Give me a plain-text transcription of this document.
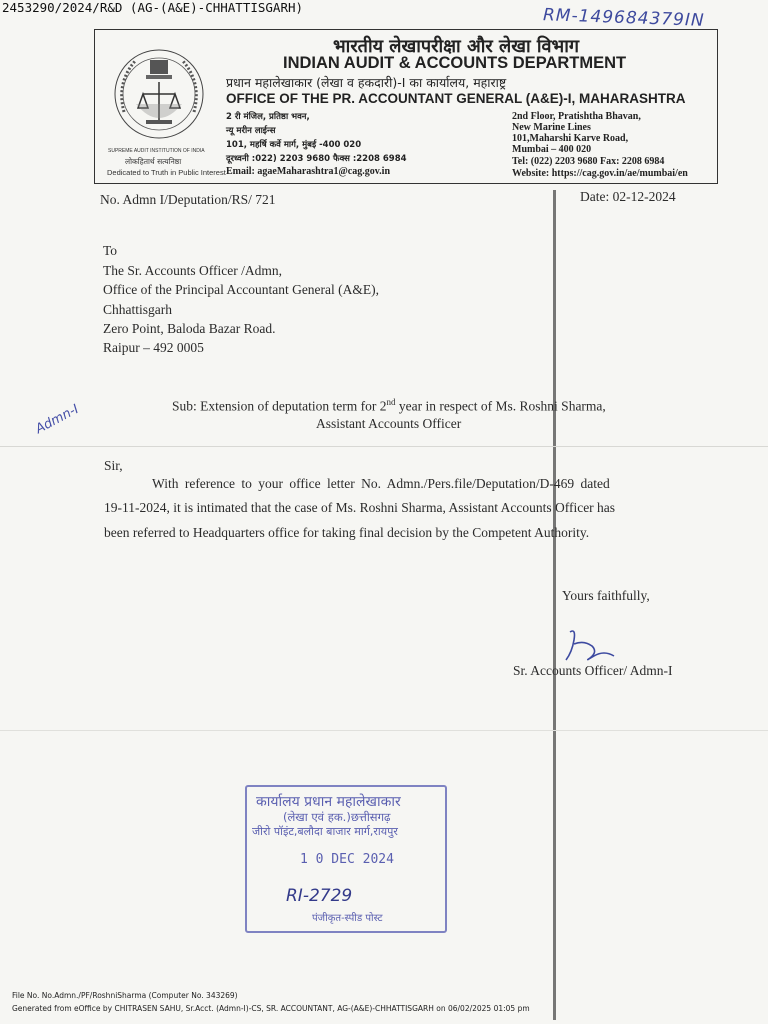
2453290/2024/R&D (AG-(A&E)-CHHATTISGARH)	RM-149684379IN
SUPREME AUDIT INSTITUTION OF INDIA
लोकहितार्थ सत्यनिष्ठा
Dedicated to Truth in Public Interest
भारतीय लेखापरीक्षा और लेखा विभाग
INDIAN AUDIT & ACCOUNTS DEPARTMENT
प्रधान महालेखाकार (लेखा व हकदारी)-I का कार्यालय, महाराष्ट्र
OFFICE OF THE PR. ACCOUNTANT GENERAL (A&E)-I, MAHARASHTRA
2 री मंजिल, प्रतिष्ठा भवन,
न्यू मरीन लाईन्स
101, महर्षि कर्वे मार्ग, मुंबई -400 020
दूरध्वनी :022) 2203 9680 फैक्स :2208 6984
Email: agaeMaharashtra1@cag.gov.in
2nd Floor, Pratishtha Bhavan,
New Marine Lines
101,Maharshi Karve Road,
Mumbai – 400 020
Tel: (022) 2203 9680 Fax: 2208 6984
Website: https://cag.gov.in/ae/mumbai/en
No. Admn I/Deputation/RS/ 721	Date: 02-12-2024
To
The Sr. Accounts Officer /Admn,
Office of the Principal Accountant General (A&E),
Chhattisgarh
Zero Point, Baloda Bazar Road.
Raipur – 492 0005
Admn-I	Sub: Extension of deputation term for 2nd year in respect of Ms. Roshni Sharma,
Assistant Accounts Officer
Sir,
With reference to your office letter No. Admn./Pers.file/Deputation/D-469 dated
19-11-2024, it is intimated that the case of Ms. Roshni Sharma, Assistant Accounts Officer has
been referred to Headquarters office for taking final decision by the Competent Authority.
Yours faithfully,
Sr. Accounts Officer/ Admn-I
कार्यालय प्रधान महालेखाकार
(लेखा एवं हक.)छत्तीसगढ़
जीरो पॉइंट,बलौदा बाजार मार्ग,रायपुर
1 0 DEC 2024
RI-2729
पंजीकृत-स्पीड पोस्ट
File No. No.Admn./PF/RoshniSharma (Computer No. 343269)
Generated from eOffice by CHITRASEN SAHU, Sr.Acct. (Admn-I)-CS, SR. ACCOUNTANT, AG-(A&E)-CHHATTISGARH on 06/02/2025 01:05 pm
